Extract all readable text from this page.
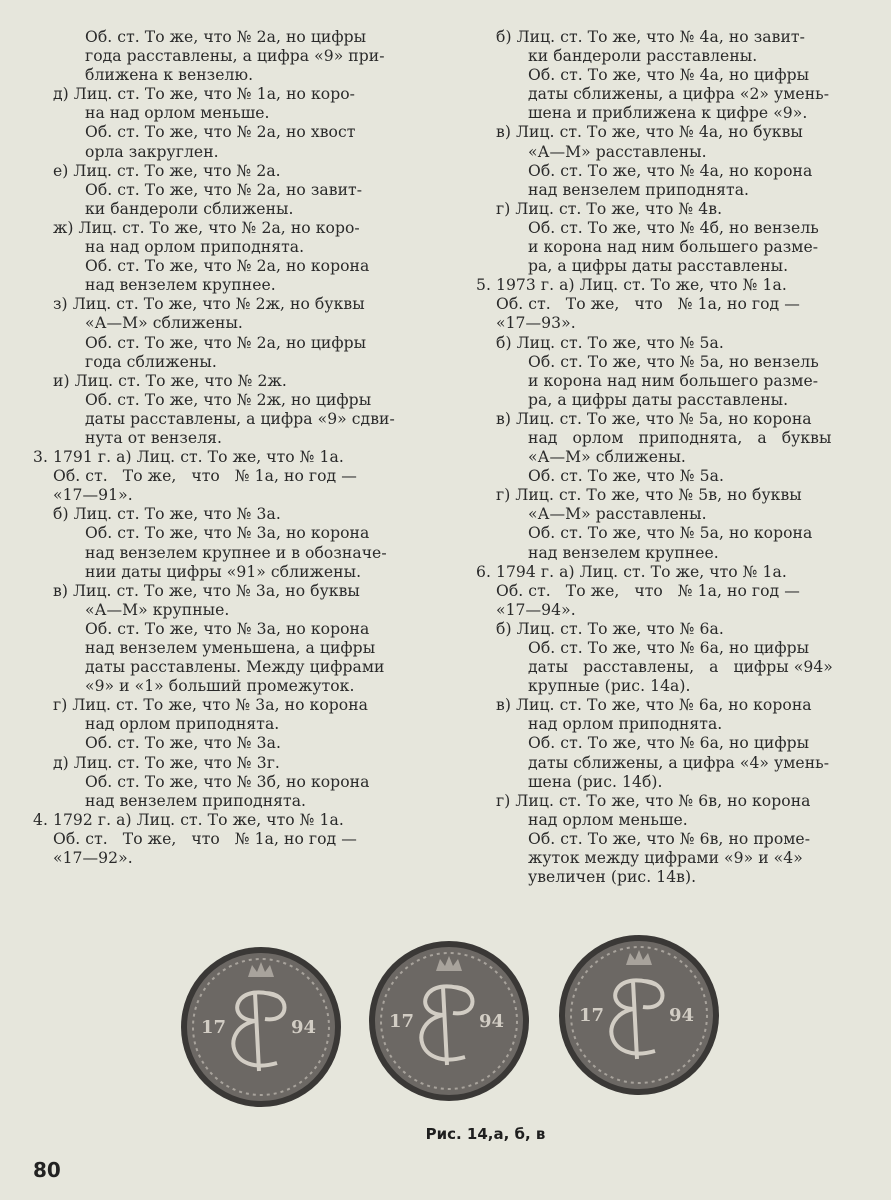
Об. ст. То же, что № 2а, но цифры

года расставлены, а цифра «9» при-

ближена к вензелю.

д) Лиц. ст. То же, что № 1а, но коро-

на над орлом меньше.

Об. ст. То же, что № 2а, но хвост

орла закруглен.

е) Лиц. ст. То же, что № 2а.

Об. ст. То же, что № 2а, но завит-

ки бандероли сближены.

ж) Лиц. ст. То же, что № 2а, но коро-

на над орлом приподнята.

Об. ст. То же, что № 2а, но корона

над вензелем крупнее.

з) Лиц. ст. То же, что № 2ж, но буквы

«А—М» сближены.

Об. ст. То же, что № 2а, но цифры

года сближены.

и) Лиц. ст. То же, что № 2ж.

Об. ст. То же, что № 2ж, но цифры

даты расставлены, а цифра «9» сдви-

нута от вензеля.

3. 1791 г. а) Лиц. ст. То же, что № 1а.

Об. ст.   То же,   что   № 1а, но год —

«17—91».

б) Лиц. ст. То же, что № 3а.

Об. ст. То же, что № 3а, но корона

над вензелем крупнее и в обозначе-

нии даты цифры «91» сближены.

в) Лиц. ст. То же, что № 3а, но буквы

«А—М» крупные.

Об. ст. То же, что № 3а, но корона

над вензелем уменьшена, а цифры

даты расставлены. Между цифрами

«9» и «1» больший промежуток.

г) Лиц. ст. То же, что № 3а, но корона

над орлом приподнята.

Об. ст. То же, что № 3а.

д) Лиц. ст. То же, что № 3г.

Об. ст. То же, что № 3б, но корона

над вензелем приподнята.

4. 1792 г. а) Лиц. ст. То же, что № 1а.

Об. ст.   То же,   что   № 1а, но год —

«17—92».

б) Лиц. ст. То же, что № 4а, но завит-

ки бандероли расставлены.

Об. ст. То же, что № 4а, но цифры

даты сближены, а цифра «2» умень-

шена и приближена к цифре «9».

в) Лиц. ст. То же, что № 4а, но буквы

«А—М» расставлены.

Об. ст. То же, что № 4а, но корона

над вензелем приподнята.

г) Лиц. ст. То же, что № 4в.

Об. ст. То же, что № 4б, но вензель

и корона над ним большего разме-

ра, а цифры даты расставлены.

5. 1973 г. а) Лиц. ст. То же, что № 1а.

Об. ст.   То же,   что   № 1а, но год —

«17—93».

б) Лиц. ст. То же, что № 5а.

Об. ст. То же, что № 5а, но вензель

и корона над ним большего разме-

ра, а цифры даты расставлены.

в) Лиц. ст. То же, что № 5а, но корона

над   орлом   приподнята,   а   буквы

«А—М» сближены.

Об. ст. То же, что № 5а.

г) Лиц. ст. То же, что № 5в, но буквы

«А—М» расставлены.

Об. ст. То же, что № 5а, но корона

над вензелем крупнее.

6. 1794 г. а) Лиц. ст. То же, что № 1а.

Об. ст.   То же,   что   № 1а, но год —

«17—94».

б) Лиц. ст. То же, что № 6а.

Об. ст. То же, что № 6а, но цифры

даты   расставлены,   а   цифры «94»

крупные (рис. 14а).

в) Лиц. ст. То же, что № 6а, но корона

над орлом приподнята.

Об. ст. То же, что № 6а, но цифры

даты сближены, а цифра «4» умень-

шена (рис. 14б).

г) Лиц. ст. То же, что № 6в, но корона

над орлом меньше.

Об. ст. То же, что № 6в, но проме-

жуток между цифрами «9» и «4»

увеличен (рис. 14в).

17	94	17	94	17	94
Рис. 14,а, б, в
80
